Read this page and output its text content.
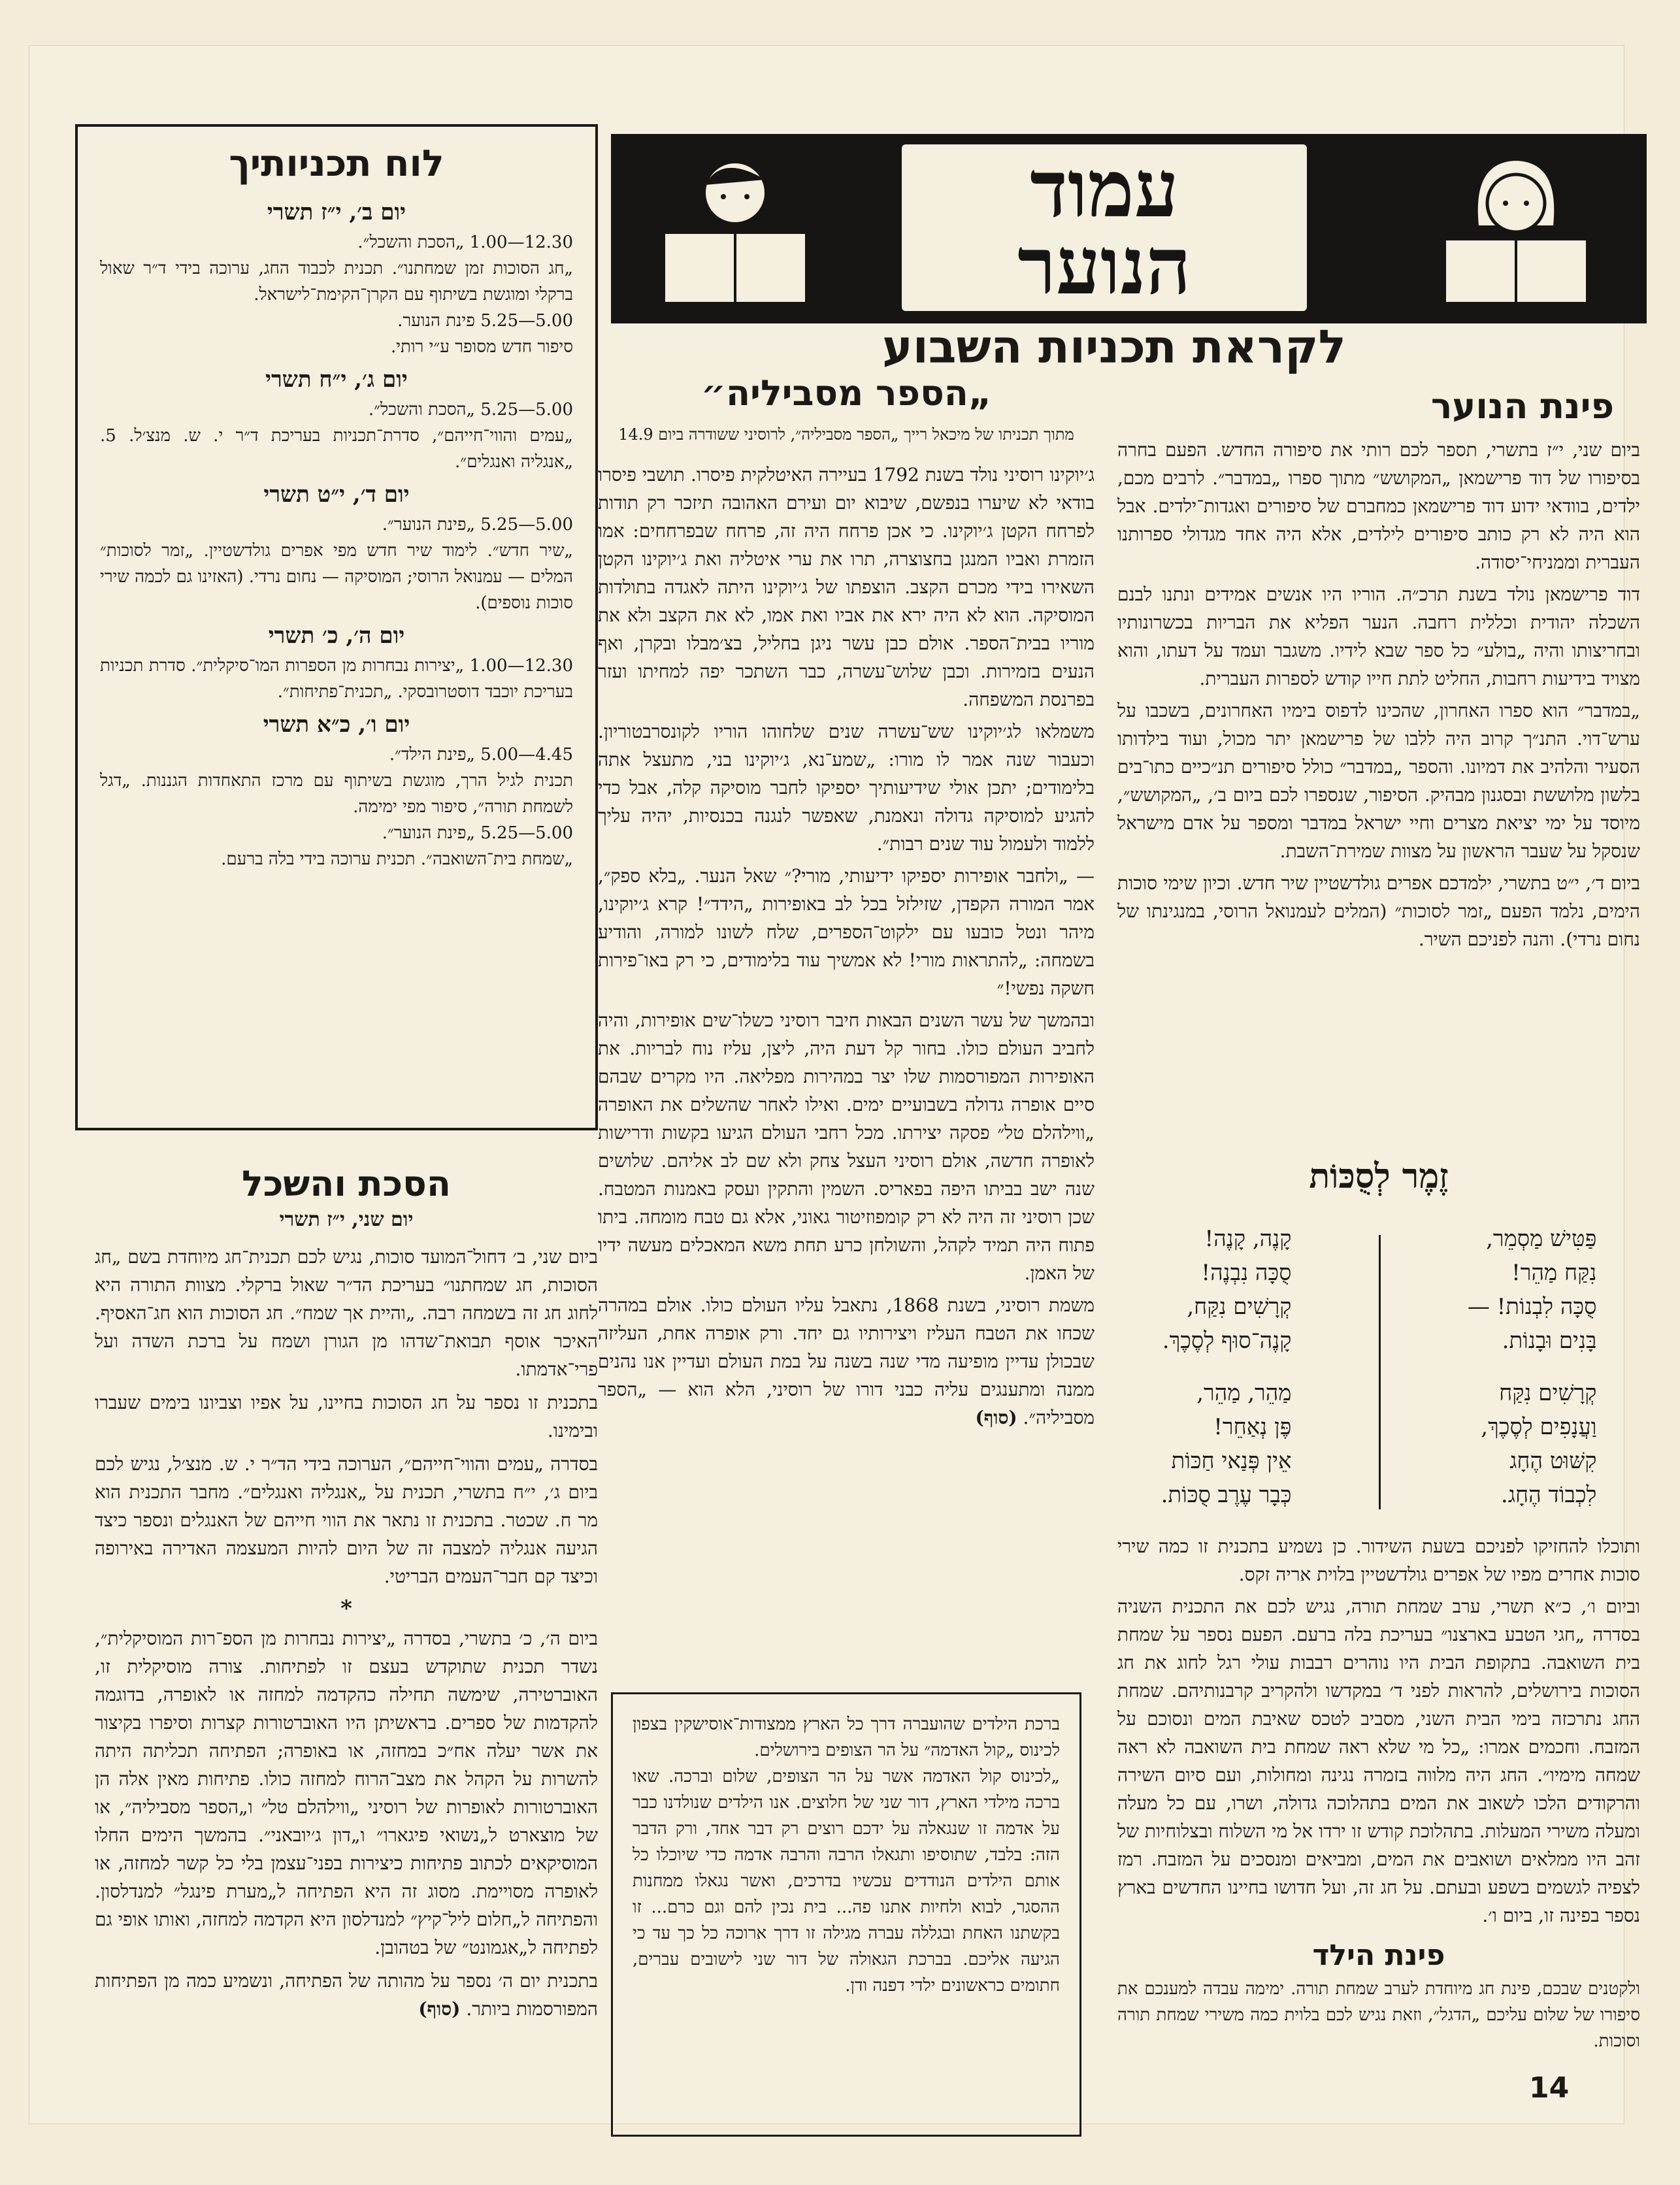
עמוד
הנוער
לקראת תכניות השבוע
לוח תכניותיך
יום ב׳, י״ז תשרי
12.30—1.00 „הסכת והשכל״.
„חג הסוכות זמן שמחתנו״. תכנית לכבוד החג, ערוכה בידי ד״ר שאול ברקלי ומוגשת בשיתוף עם הקרן־הקימת־לישראל.
5.00—5.25 פינת הנוער.
סיפור חדש מסופר ע״י רותי.
יום ג׳, י״ח תשרי
5.00—5.25 „הסכת והשכל״.
„עמים והווי־חייהם״, סדרת־תכניות בעריכת ד״ר י. ש. מנצ׳ל. 5. „אנגליה ואנגלים״.
יום ד׳, י״ט תשרי
5.00—5.25 „פינת הנוער״.
„שיר חדש״. לימוד שיר חדש מפי אפרים גולדשטיין. „זמר לסוכות״ המלים — עמנואל הרוסי; המוסיקה — נחום נרדי. (האזינו גם לכמה שירי סוכות נוספים).
יום ה׳, כ׳ תשרי
12.30—1.00 „יצירות נבחרות מן הספרות המו־סיקלית״. סדרת תכניות בעריכת יוכבד דוסטרובסקי. „תכנית־פתיחות״.
יום ו׳, כ״א תשרי
4.45—5.00 „פינת הילד״.
תכנית לגיל הרך, מוגשת בשיתוף עם מרכז התאחדות הגננות. „דגל לשמחת תורה״, סיפור מפי ימימה.
5.00—5.25 „פינת הנוער״.
„שמחת בית־השואבה״. תכנית ערוכה בידי בלה ברעם.
הסכת והשכל
יום שני, י״ז תשרי

ביום שני, ב׳ דחול־המועד סוכות, נגיש לכם תכנית־חג מיוחדת בשם „חג הסוכות, חג שמחתנו״ בעריכת הד״ר שאול ברקלי. מצוות התורה היא לחוג חג זה בשמחה רבה. „והיית אך שמח״. חג הסוכות הוא חג־האסיף. האיכר אוסף תבואת־שדהו מן הגורן ושמח על ברכת השדה ועל פרי־אדמתו.

בתכנית זו נספר על חג הסוכות בחיינו, על אפיו וצביונו בימים שעברו ובימינו.

בסדרה „עמים והווי־חייהם״, הערוכה בידי הד״ר י. ש. מנצ׳ל, נגיש לכם ביום ג׳, י״ח בתשרי, תכנית על „אנגליה ואנגלים״. מחבר התכנית הוא מר ח. שכטר. בתכנית זו נתאר את הווי חייהם של האנגלים ונספר כיצד הגיעה אנגליה למצבה זה של היום להיות המעצמה האדירה באירופה וכיצד קם חבר־העמים הבריטי.

*

ביום ה׳, כ׳ בתשרי, בסדרה „יצירות נבחרות מן הספ־רות המוסיקלית״, נשדר תכנית שתוקדש בעצם זו לפתיחות. צורה מוסיקלית זו, האוברטירה, שימשה תחילה כהקדמה למחזה או לאופרה, בדוגמה להקדמות של ספרים. בראשיתן היו האוברטורות קצרות וסיפרו בקיצור את אשר יעלה אח״כ במחזה, או באופרה; הפתיחה תכליתה היתה להשרות על הקהל את מצב־הרוח למחזה כולו. פתיחות מאין אלה הן האוברטורות לאופרות של רוסיני „ווילהלם טל״ ו„הספר מסביליה״, או של מוצארט ל„נשואי פיגארו״ ו„דון ג׳יובאני״. בהמשך הימים החלו המוסיקאים לכתוב פתיחות כיצירות בפני־עצמן בלי כל קשר למחזה, או לאופרה מסויימת. מסוג זה היא הפתיחה ל„מערת פינגל״ למנדלסון. והפתיחה ל„חלום ליל־קיץ״ למנדלסון היא הקדמה למחזה, ואותו אופי גם לפתיחה ל„אגמונט״ של בטהובן.

בתכנית יום ה׳ נספר על מהותה של הפתיחה, ונשמיע כמה מן הפתיחות המפורסמות ביותר. (סוף)

„הספר מסביליה״
מתוך תכניתו של מיכאל רייך „הספר מסביליה״, לרוסיני ששודרה ביום 14.9

ג׳יוקינו רוסיני נולד בשנת 1792 בעיירה האיטלקית פיסרו. תושבי פיסרו בודאי לא שיערו בנפשם, שיבוא יום ועירם האהובה תיזכר רק תודות לפרחח הקטן ג׳יוקינו. כי אכן פרחח היה זה, פרחח שבפרחחים: אמו הזמרת ואביו המנגן בחצוצרה, תרו את ערי איטליה ואת ג׳יוקינו הקטן השאירו בידי מכרם הקצב. הוצפתו של ג׳יוקינו היתה לאגדה בתולדות המוסיקה. הוא לא היה ירא את אביו ואת אמו, לא את הקצב ולא את מוריו בבית־הספר. אולם כבן עשר ניגן בחליל, בצ׳מבלו ובקרן, ואף הנעים בזמירות. וכבן שלוש־עשרה, כבר השתכר יפה למחיתו ועזר בפרנסת המשפחה.

משמלאו לג׳יוקינו שש־עשרה שנים שלחוהו הוריו לקונסרבטוריון. וכעבור שנה אמר לו מורו: „שמע־נא, ג׳יוקינו בני, מתעצל אתה בלימודים; יתכן אולי שידיעותיך יספיקו לחבר מוסיקה קלה, אבל כדי להגיע למוסיקה גדולה ונאמנת, שאפשר לנגנה בכנסיות, יהיה עליך ללמוד ולעמול עוד שנים רבות״.

— „ולחבר אופירות יספיקו ידיעותי, מורי?״ שאל הנער. „בלא ספק״, אמר המורה הקפדן, שזילזל בכל לב באופירות „הידד״! קרא ג׳יוקינו, מיהר ונטל כובעו עם ילקוט־הספרים, שלח לשונו למורה, והודיע בשמחה: „להתראות מורי! לא אמשיך עוד בלימודים, כי רק באו־פירות חשקה נפשי!״

ובהמשך של עשר השנים הבאות חיבר רוסיני כשלו־שים אופירות, והיה לחביב העולם כולו. בחור קל דעת היה, ליצן, עליז נוח לבריות. את האופירות המפורסמות שלו יצר במהירות מפליאה. היו מקרים שבהם סיים אופרה גדולה בשבועיים ימים. ואילו לאחר שהשלים את האופרה „ווילהלם טל״ פסקה יצירתו. מכל רחבי העולם הגיעו בקשות ודרישות לאופרה חדשה, אולם רוסיני העצל צחק ולא שם לב אליהם. שלושים שנה ישב בביתו היפה בפאריס. השמין והתקין ועסק באמנות המטבח. שכן רוסיני זה היה לא רק קומפוזיטור גאוני, אלא גם טבח מומחה. ביתו פתוח היה תמיד לקהל, והשולחן כרע תחת משא המאכלים מעשה ידיו של האמן.

משמת רוסיני, בשנת 1868, נתאבל עליו העולם כולו. אולם במהרה שכחו את הטבח העליז ויצירותיו גם יחד. ורק אופרה אחת, העליזה שבכולן עדיין מופיעה מדי שנה בשנה על במת העולם ועדיין אנו נהנים ממנה ומתענגים עליה כבני דורו של רוסיני, הלא הוא — „הספר מסביליה״. (סוף)

ברכת הילדים שהועברה דרך כל הארץ ממצודות־אוסישקין בצפון לכינוס „קול האדמה״ על הר הצופים בירושלים.
„לכינוס קול האדמה אשר על הר הצופים, שלום וברכה. שאו ברכה מילדי הארץ, דור שני של חלוצים. אנו הילדים שנולדנו כבר על אדמה זו שנגאלה על ידכם רוצים רק דבר אחד, ורק הדבר הזה: בלבד, שתוסיפו ותגאלו הרבה והרבה אדמה כדי שיוכלו כל אותם הילדים הנודדים עכשיו בדרכים, ואשר נגאלו ממחנות ההסגר, לבוא ולחיות אתנו פה... בית נכין להם וגם כרם... זו בקשתנו האחת ובגללה עברה מגילה זו דרך ארוכה כל כך עד כי הגיעה אליכם. בברכת הגאולה של דור שני לישובים עברים, חתומים כראשונים ילדי דפנה ודן.
פינת הנוער

ביום שני, י״ז בתשרי, תספר לכם רותי את סיפורה החדש. הפעם בחרה בסיפורו של דוד פרישמאן „המקושש״ מתוך ספרו „במדבר״. לרבים מכם, ילדים, בוודאי ידוע דוד פרישמאן כמחברם של סיפורים ואגדות־ילדים. אבל הוא היה לא רק כותב סיפורים לילדים, אלא היה אחד מגדולי ספרותנו העברית וממניחי־יסודה.

דוד פרישמאן נולד בשנת תרכ״ה. הוריו היו אנשים אמידים ונתנו לבנם השכלה יהודית וכללית רחבה. הנער הפליא את הבריות בכשרונותיו ובחריצותו והיה „בולע״ כל ספר שבא לידיו. משגבר ועמד על דעתו, והוא מצויד בידיעות רחבות, החליט לתת חייו קודש לספרות העברית.

„במדבר״ הוא ספרו האחרון, שהכינו לדפוס בימיו האחרונים, בשכבו על ערש־דוי. התנ״ך קרוב היה ללבו של פרישמאן יתר מכול, ועוד בילדותו הסעיר והלהיב את דמיונו. והספר „במדבר״ כולל סיפורים תנ״כיים כתו־בים בלשון מלוששת ובסגנון מבהיק. הסיפור, שנספרו לכם ביום ב׳, „המקושש״, מיוסד על ימי יציאת מצרים וחיי ישראל במדבר ומספר על אדם מישראל שנסקל על שעבר הראשון על מצוות שמירת־השבת.

ביום ד׳, י״ט בתשרי, ילמדכם אפרים גולדשטיין שיר חדש. וכיון שימי סוכות הימים, נלמד הפעם „זמר לסוכות״ (המלים לעמנואל הרוסי, במנגינתו של נחום נרדי). והנה לפניכם השיר.

זֶמֶר לְסֻכּוֹת
פַּטִּישׁ מַסְמֵר,
נִקַּח מַהֵר!
סֻכָּה לִבְנוֹת! —
בָּנִים וּבָנוֹת.
קְרָשִׁים נִקַּח
וַעֲנָפִים לְסֶכֶךְ,
קִשּׁוּט הֶחָג
לִכְבוֹד הֶחָג.
קָנֶה, קָנֶה!
סֻכָּה נִבְנֶה!
קְרָשִׁים נִקַּח,
קָנֶה־סוּף לְסֶכֶךְ.
מַהֵר, מַהֵר,
פֶּן נְאַחֵר!
אֵין פְּנַאי חַכּוֹת
כְּבָר עֶרֶב סֻכּוֹת.

ותוכלו להחזיקו לפניכם בשעת השידור. כן נשמיע בתכנית זו כמה שירי סוכות אחרים מפיו של אפרים גולדשטיין בלוית אריה זקס.

וביום ו׳, כ״א תשרי, ערב שמחת תורה, נגיש לכם את התכנית השניה בסדרה „חגי הטבע בארצנו״ בעריכת בלה ברעם. הפעם נספר על שמחת בית השואבה. בתקופת הבית היו נוהרים רבבות עולי רגל לחוג את חג הסוכות בירושלים, להראות לפני ד׳ במקדשו ולהקריב קרבנותיהם. שמחת החג נתרכזה בימי הבית השני, מסביב לטכס שאיבת המים ונסוכם על המזבח. וחכמים אמרו: „כל מי שלא ראה שמחת בית השואבה לא ראה שמחה מימיו״. החג היה מלווה בזמרה נגינה ומחולות, ועם סיום השירה והרקודים הלכו לשאוב את המים בתהלוכה גדולה, ושרו, עם כל מעלה ומעלה משירי המעלות. בתהלוכת קודש זו ירדו אל מי השלוח ובצלוחיות של זהב היו ממלאים ושואבים את המים, ומביאים ומנסכים על המזבח. רמז לצפיה לגשמים בשפע ובעתם. על חג זה, ועל חדושו בחיינו החדשים בארץ נספר בפינה זו, ביום ו׳.

פינת הילד

ולקטנים שבכם, פינת חג מיוחדת לערב שמחת תורה. ימימה עבדה למענכם את סיפורו של שלום עליכם „הדגל״, וזאת נגיש לכם בלוית כמה משירי שמחת תורה וסוכות.

14
